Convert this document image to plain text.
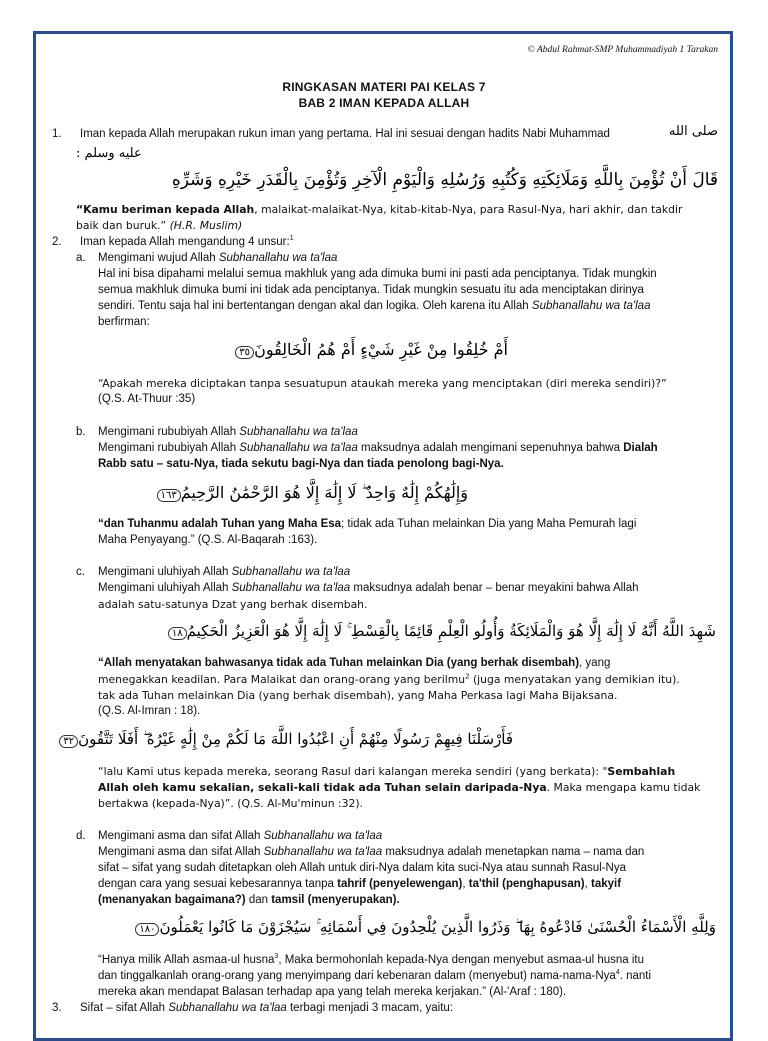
© Abdul Rahmat-SMP Muhammadiyah 1 Tarakan
RINGKASAN MATERI PAI KELAS 7
BAB 2 IMAN KEPADA ALLAH
1. Iman kepada Allah merupakan rukun iman yang pertama. Hal ini sesuai dengan hadits Nabi Muhammad	صلى الله
عليه وسلم :
قَالَ أَنْ تُؤْمِنَ بِاللَّهِ وَمَلَائِكَتِهِ وَكُتُبِهِ وَرُسُلِهِ وَالْيَوْمِ الْآخِرِ وَتُؤْمِنَ بِالْقَدَرِ خَيْرِهِ وَشَرِّهِ
“Kamu beriman kepada Allah, malaikat-malaikat-Nya, kitab-kitab-Nya, para Rasul-Nya, hari akhir, dan takdir
baik dan buruk.” (H.R. Muslim)
2. Iman kepada Allah mengandung 4 unsur:$^1$
a. Mengimani wujud Allah Subhanallahu wa ta'laa
Hal ini bisa dipahami melalui semua makhluk yang ada dimuka bumi ini pasti ada penciptanya. Tidak mungkin
semua makhluk dimuka bumi ini tidak ada penciptanya. Tidak mungkin sesuatu itu ada menciptakan dirinya
sendiri. Tentu saja hal ini bertentangan dengan akal dan logika. Oleh karena itu Allah Subhanallahu wa ta'laa
berfirman:
أَمْ خُلِقُوا مِنْ غَيْرِ شَيْءٍ أَمْ هُمُ الْخَالِقُونَ٣٥
“Apakah mereka diciptakan tanpa sesuatupun ataukah mereka yang menciptakan (diri mereka sendiri)?”
(Q.S. At-Thuur :35)
b. Mengimani rububiyah Allah Subhanallahu wa ta'laa
Mengimani rububiyah Allah Subhanallahu wa ta'laa maksudnya adalah mengimani sepenuhnya bahwa Dialah
Rabb satu – satu-Nya, tiada sekutu bagi-Nya dan tiada penolong bagi-Nya.
وَإِلَٰهُكُمْ إِلَٰهٌ وَاحِدٌ ۖ لَا إِلَٰهَ إِلَّا هُوَ الرَّحْمَٰنُ الرَّحِيمُ١٦٣
“dan Tuhanmu adalah Tuhan yang Maha Esa; tidak ada Tuhan melainkan Dia yang Maha Pemurah lagi
Maha Penyayang.” (Q.S. Al-Baqarah :163).
c. Mengimani uluhiyah Allah Subhanallahu wa ta'laa
Mengimani uluhiyah Allah Subhanallahu wa ta'laa maksudnya adalah benar – benar meyakini bahwa Allah
adalah satu-satunya Dzat yang berhak disembah.
شَهِدَ اللَّهُ أَنَّهُ لَا إِلَٰهَ إِلَّا هُوَ وَالْمَلَائِكَةُ وَأُولُو الْعِلْمِ قَائِمًا بِالْقِسْطِ ۚ لَا إِلَٰهَ إِلَّا هُوَ الْعَزِيزُ الْحَكِيمُ١٨
“Allah menyatakan bahwasanya tidak ada Tuhan melainkan Dia (yang berhak disembah), yang
menegakkan keadilan. Para Malaikat dan orang-orang yang berilmu$^2$ (juga menyatakan yang demikian itu).
tak ada Tuhan melainkan Dia (yang berhak disembah), yang Maha Perkasa lagi Maha Bijaksana.
(Q.S. Al-Imran : 18).
فَأَرْسَلْنَا فِيهِمْ رَسُولًا مِنْهُمْ أَنِ اعْبُدُوا اللَّهَ مَا لَكُمْ مِنْ إِلَٰهٍ غَيْرُهُ ۖ أَفَلَا تَتَّقُونَ٣٢
“lalu Kami utus kepada mereka, seorang Rasul dari kalangan mereka sendiri (yang berkata): "Sembahlah
Allah oleh kamu sekalian, sekali-kali tidak ada Tuhan selain daripada-Nya. Maka mengapa kamu tidak
bertakwa (kepada-Nya)”. (Q.S. Al-Mu'minun :32).
d. Mengimani asma dan sifat Allah Subhanallahu wa ta'laa
Mengimani asma dan sifat Allah Subhanallahu wa ta'laa maksudnya adalah menetapkan nama – nama dan
sifat – sifat yang sudah ditetapkan oleh Allah untuk diri-Nya dalam kita suci-Nya atau sunnah Rasul-Nya
dengan cara yang sesuai kebesarannya tanpa tahrif (penyelewengan), ta'thil (penghapusan), takyif
(menanyakan bagaimana?) dan tamsil (menyerupakan).
وَلِلَّهِ الْأَسْمَاءُ الْحُسْنَىٰ فَادْعُوهُ بِهَا ۖ وَذَرُوا الَّذِينَ يُلْحِدُونَ فِي أَسْمَائِهِ ۚ سَيُجْزَوْنَ مَا كَانُوا يَعْمَلُونَ١٨٠
“Hanya milik Allah asmaa-ul husna$^3$, Maka bermohonlah kepada-Nya dengan menyebut asmaa-ul husna itu
dan tinggalkanlah orang-orang yang menyimpang dari kebenaran dalam (menyebut) nama-nama-Nya$^4$. nanti
mereka akan mendapat Balasan terhadap apa yang telah mereka kerjakan.” (Al-'Araf : 180).
3. Sifat – sifat Allah Subhanallahu wa ta'laa terbagi menjadi 3 macam, yaitu:
